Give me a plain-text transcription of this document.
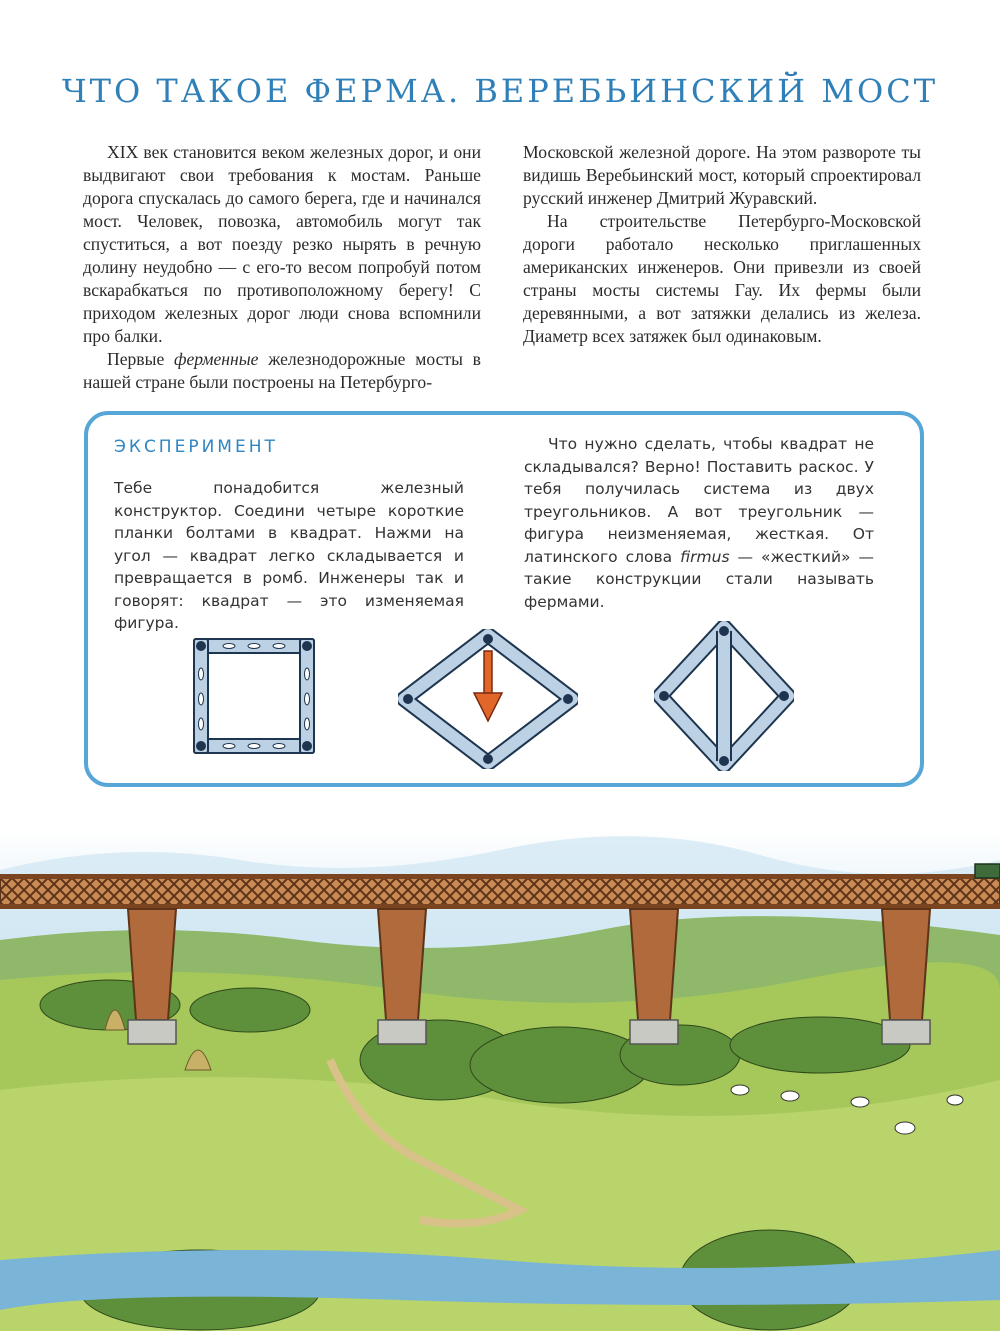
ЧТО ТАКОЕ ФЕРМА. ВЕРЕБЬИНСКИЙ МОСТ

XIX век становится веком железных дорог, и они выдвигают свои требования к мостам. Раньше дорога спускалась до самого берега, где и начинался мост. Человек, повозка, автомобиль могут так спуститься, а вот поезду резко нырять в речную долину неудобно — с его-то весом попробуй потом вскарабкаться по противоположному берегу! С приходом железных дорог люди снова вспомнили про балки.

Первые ферменные железнодорожные мосты в нашей стране были построены на Петербурго-

Московской железной дороге. На этом развороте ты видишь Веребьинский мост, который спроектировал русский инженер Дмитрий Журавский.

На строительстве Петербурго-Московской дороги работало несколько приглашенных американских инженеров. Они привезли из своей страны мосты системы Гау. Их фермы были деревянными, а вот затяжки делались из железа. Диаметр всех затяжек был одинаковым.

ЭКСПЕРИМЕНТ

Тебе понадобится железный конструктор. Соедини четыре короткие планки болтами в квадрат. Нажми на угол — квадрат легко складывается и превращается в ромб. Инженеры так и говорят: квадрат — это изменяемая фигура.

Что нужно сделать, чтобы квадрат не складывался? Верно! Поставить раскос. У тебя получилась система из двух треугольников. А вот треугольник — фигура неизменяемая, жесткая. От латинского слова firmus — «жесткий» — такие конструкции стали называть фермами.
